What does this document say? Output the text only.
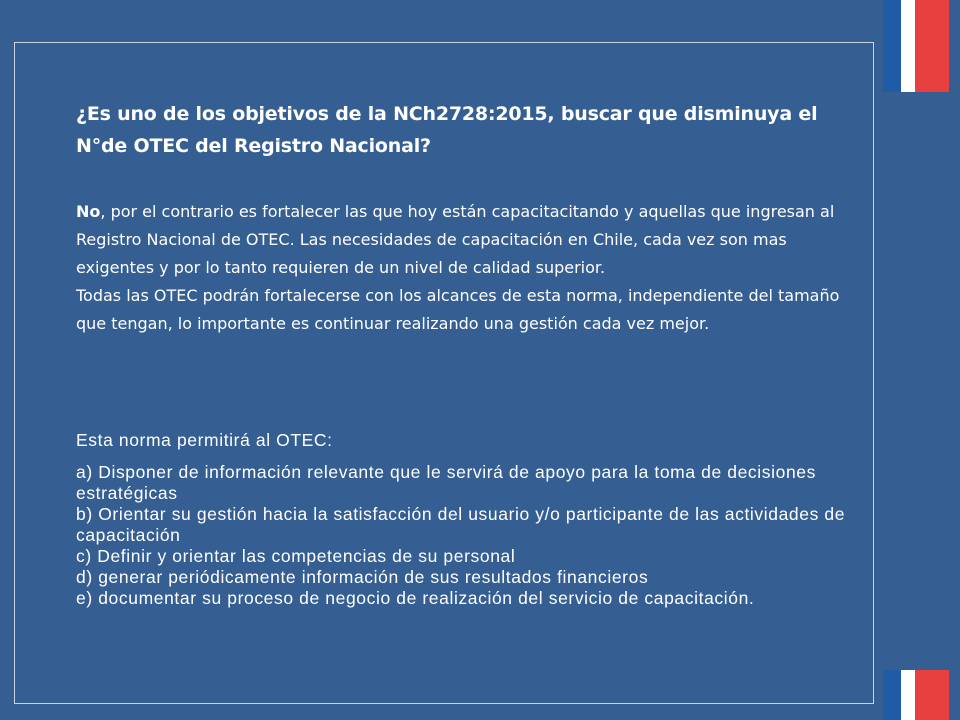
¿Es uno de los objetivos de la NCh2728:2015, buscar que disminuya el N°de OTEC del Registro Nacional?

No, por el contrario es fortalecer las que hoy están capacitacitando y aquellas que ingresan al Registro Nacional de OTEC. Las necesidades de capacitación en Chile, cada vez son mas exigentes y por lo tanto requieren de un nivel de calidad superior.

Todas las OTEC podrán fortalecerse con los alcances de esta norma, independiente del tamaño que tengan, lo importante es continuar realizando una gestión cada vez mejor.

Esta norma permitirá al OTEC:

a) Disponer de información relevante que le servirá de apoyo para la toma de decisiones estratégicas

b) Orientar su gestión hacia la satisfacción del usuario y/o participante de las actividades de capacitación

c) Definir y orientar las competencias de su personal

d) generar periódicamente información de sus resultados financieros

e) documentar su proceso de negocio de realización del servicio de capacitación.
